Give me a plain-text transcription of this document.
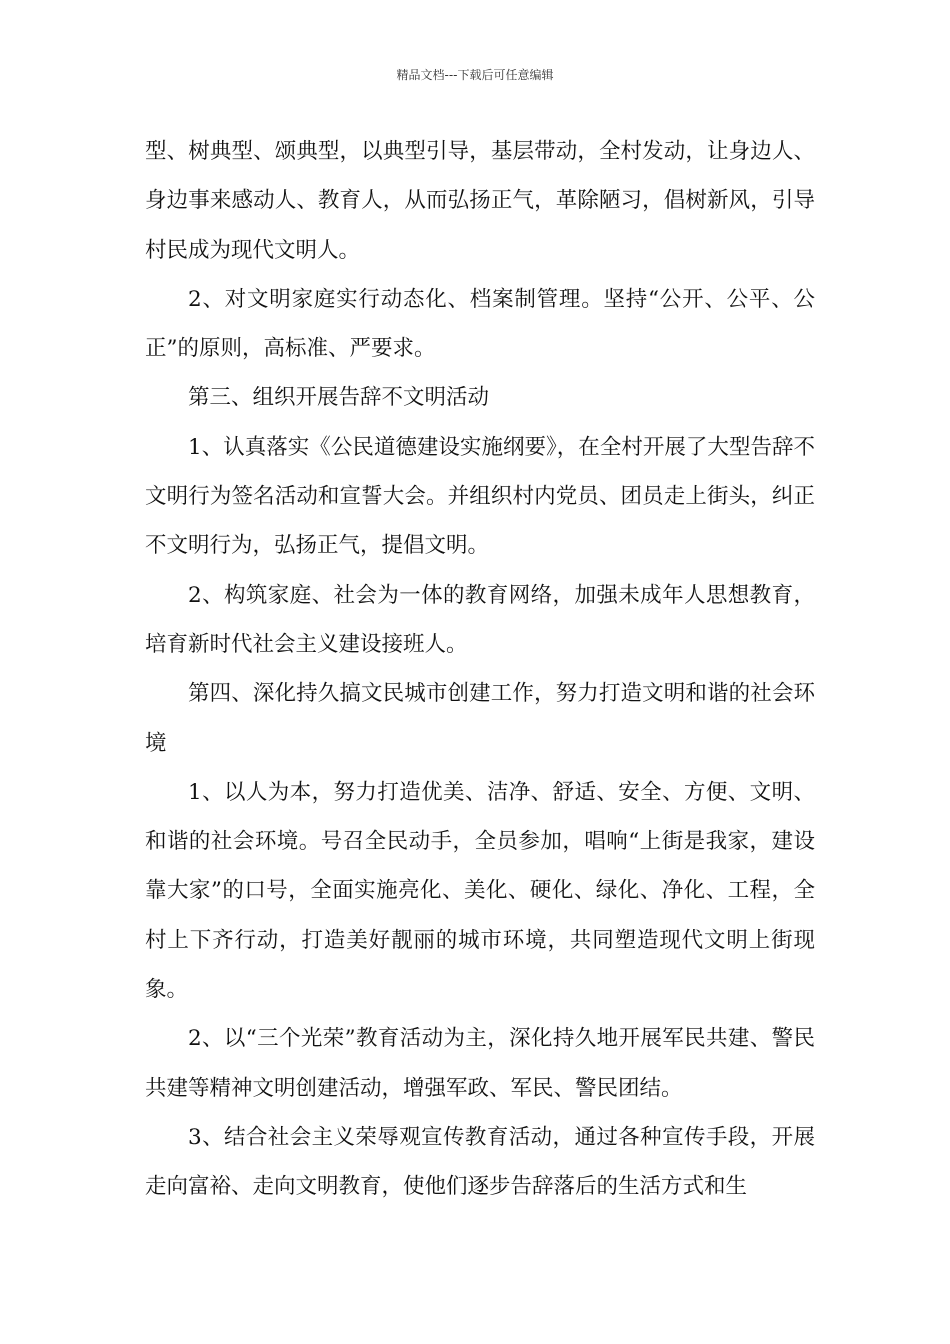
精品文档---下载后可任意编辑

型、树典型、颂典型，以典型引导，基层带动，全村发动，让身边人、身边事来感动人、教育人，从而弘扬正气，革除陋习，倡树新风，引导村民成为现代文明人。

2、对文明家庭实行动态化、档案制管理。坚持“公开、公平、公正”的原则，高标准、严要求。

第三、组织开展告辞不文明活动

1、认真落实《公民道德建设实施纲要》，在全村开展了大型告辞不文明行为签名活动和宣誓大会。并组织村内党员、团员走上街头，纠正不文明行为，弘扬正气，提倡文明。

2、构筑家庭、社会为一体的教育网络，加强未成年人思想教育，培育新时代社会主义建设接班人。

第四、深化持久搞文民城市创建工作，努力打造文明和谐的社会环境

1、以人为本，努力打造优美、洁净、舒适、安全、方便、文明、和谐的社会环境。号召全民动手，全员参加，唱响“上街是我家，建设靠大家”的口号，全面实施亮化、美化、硬化、绿化、净化、工程，全村上下齐行动，打造美好靓丽的城市环境，共同塑造现代文明上街现象。

2、以“三个光荣”教育活动为主，深化持久地开展军民共建、警民共建等精神文明创建活动，增强军政、军民、警民团结。

3、结合社会主义荣辱观宣传教育活动，通过各种宣传手段，开展走向富裕、走向文明教育，使他们逐步告辞落后的生活方式和生
